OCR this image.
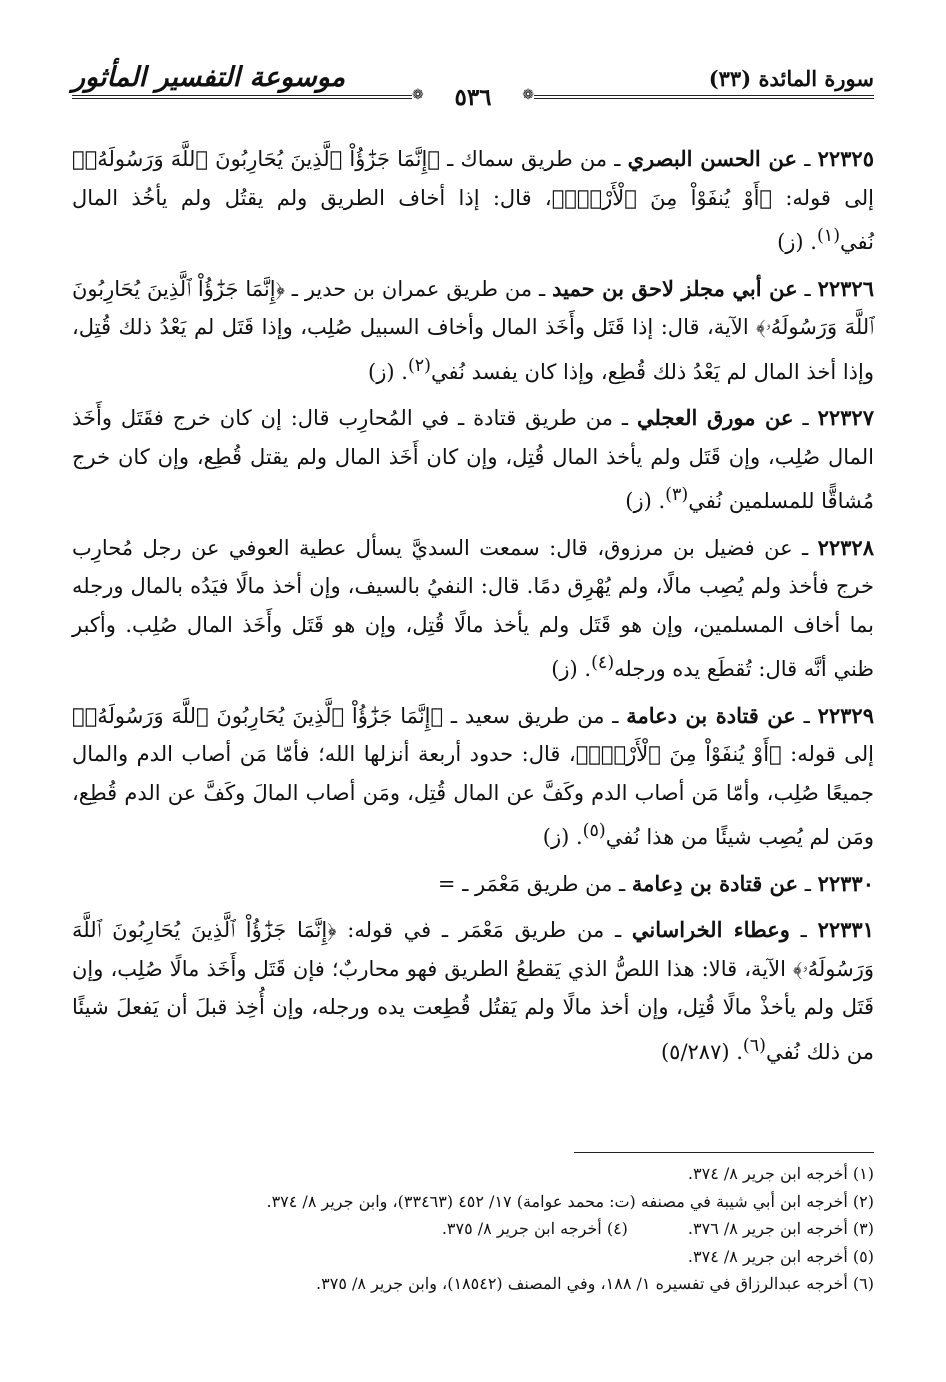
سورة المائدة (٣٣)
❁
٥٣٦
❁
موسوعة التفسير المأثور

٢٢٣٢٥ ـ عن الحسن البصري ـ من طريق سماك ـ ﴿إِنَّمَا جَزَٰٓؤُاْ ٱلَّذِينَ يُحَارِبُونَ ٱللَّهَ وَرَسُولَهُۥ﴾ إلى قوله: ﴿أَوْ يُنفَوْاْ مِنَ ٱلْأَرْضِۚ﴾، قال: إذا أخاف الطريق ولم يقتُل ولم يأخُذ المال نُفي$^{(١)}$. (ز)

٢٢٣٢٦ ـ عن أبي مجلز لاحق بن حميد ـ من طريق عمران بن حدير ـ ﴿إِنَّمَا جَزَٰٓؤُاْ ٱلَّذِينَ يُحَارِبُونَ ٱللَّهَ وَرَسُولَهُۥ﴾ الآية، قال: إذا قَتَل وأَخَذ المال وأخاف السبيل صُلِب، وإذا قَتَل لم يَعْدُ ذلك قُتِل، وإذا أخذ المال لم يَعْدُ ذلك قُطِع، وإذا كان يفسد نُفي$^{(٢)}$. (ز)

٢٢٣٢٧ ـ عن مورق العجلي ـ من طريق قتادة ـ في المُحارِب قال: إن كان خرج فقَتَل وأَخَذ المال صُلِب، وإن قَتَل ولم يأخذ المال قُتِل، وإن كان أَخَذ المال ولم يقتل قُطِع، وإن كان خرج مُشاقًّا للمسلمين نُفي$^{(٣)}$. (ز)

٢٢٣٢٨ ـ عن فضيل بن مرزوق، قال: سمعت السديَّ يسأل عطية العوفي عن رجل مُحارِب خرج فأخذ ولم يُصِب مالًا، ولم يُهْرِق دمًا. قال: النفيُ بالسيف، وإن أخذ مالًا فيَدُه بالمال ورجله بما أخاف المسلمين، وإن هو قَتَل ولم يأخذ مالًا قُتِل، وإن هو قَتَل وأَخَذ المال صُلِب. وأكبر ظني أنَّه قال: تُقطَع يده ورجله$^{(٤)}$. (ز)

٢٢٣٢٩ ـ عن قتادة بن دعامة ـ من طريق سعيد ـ ﴿إِنَّمَا جَزَٰٓؤُاْ ٱلَّذِينَ يُحَارِبُونَ ٱللَّهَ وَرَسُولَهُۥ﴾ إلى قوله: ﴿أَوْ يُنفَوْاْ مِنَ ٱلْأَرْضِۚ﴾، قال: حدود أربعة أنزلها الله؛ فأمّا مَن أصاب الدم والمال جميعًا صُلِب، وأمّا مَن أصاب الدم وكَفَّ عن المال قُتِل، ومَن أصاب المالَ وكَفَّ عن الدم قُطِع، ومَن لم يُصِب شيئًا من هذا نُفي$^{(٥)}$. (ز)

٢٢٣٣٠ ـ عن قتادة بن دِعامة ـ من طريق مَعْمَر ـ =

٢٢٣٣١ ـ وعطاء الخراساني ـ من طريق مَعْمَر ـ في قوله: ﴿إِنَّمَا جَزَٰٓؤُاْ ٱلَّذِينَ يُحَارِبُونَ ٱللَّهَ وَرَسُولَهُۥ﴾ الآية، قالا: هذا اللصُّ الذي يَقطعُ الطريق فهو محاربٌ؛ فإن قَتَل وأَخَذ مالًا صُلِب، وإن قَتَل ولم يأخذْ مالًا قُتِل، وإن أخذ مالًا ولم يَقتُل قُطِعت يده ورجله، وإن أُخِذ قبلَ أن يَفعلَ شيئًا من ذلك نُفي$^{(٦)}$. (٥/٢٨٧)

(١) أخرجه ابن جرير ٨/ ٣٧٤.
(٢) أخرجه ابن أبي شيبة في مصنفه (ت: محمد عوامة) ١٧/ ٤٥٢ (٣٣٤٦٣)، وابن جرير ٨/ ٣٧٤.
(٣) أخرجه ابن جرير ٨/ ٣٧٦.
(٤) أخرجه ابن جرير ٨/ ٣٧٥.
(٥) أخرجه ابن جرير ٨/ ٣٧٤.
(٦) أخرجه عبدالرزاق في تفسيره ١/ ١٨٨، وفي المصنف (١٨٥٤٢)، وابن جرير ٨/ ٣٧٥.
